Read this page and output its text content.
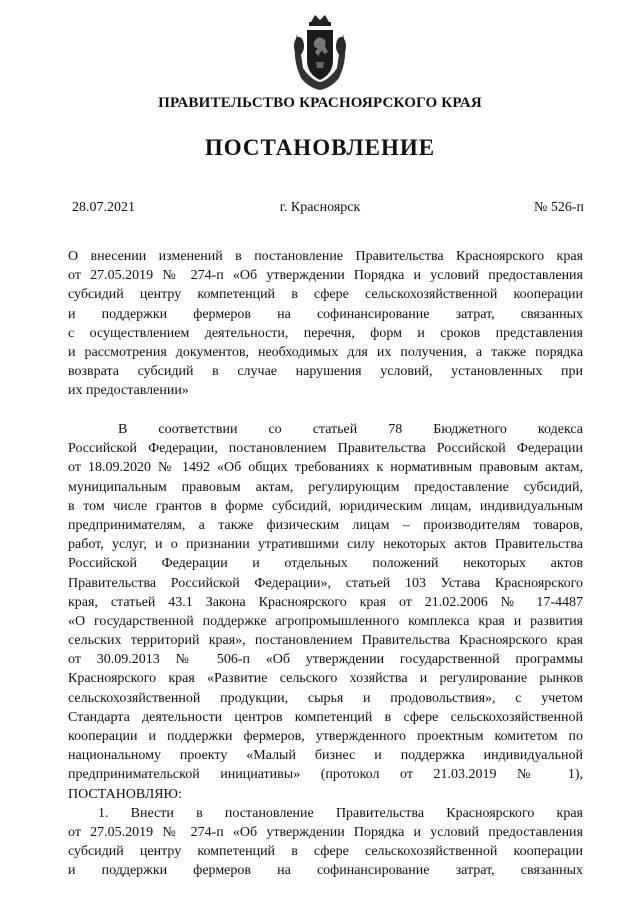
ПРАВИТЕЛЬСТВО КРАСНОЯРСКОГО КРАЯ
ПОСТАНОВЛЕНИЕ
28.07.2021	г. Красноярск	№ 526-п
О внесении изменений в постановление Правительства Красноярского края
от 27.05.2019 № 274-п «Об утверждении Порядка и условий предоставления
субсидий центру компетенций в сфере сельскохозяйственной кооперации
и поддержки фермеров на софинансирование затрат, связанных
с осуществлением деятельности, перечня, форм и сроков представления
и рассмотрения документов, необходимых для их получения, а также порядка
возврата субсидий в случае нарушения условий, установленных при
их предоставлении»
В соответствии со статьей 78 Бюджетного кодекса
Российской Федерации, постановлением Правительства Российской Федерации
от 18.09.2020 № 1492 «Об общих требованиях к нормативным правовым актам,
муниципальным правовым актам, регулирующим предоставление субсидий,
в том числе грантов в форме субсидий, юридическим лицам, индивидуальным
предпринимателям, а также физическим лицам – производителям товаров,
работ, услуг, и о признании утратившими силу некоторых актов Правительства
Российской Федерации и отдельных положений некоторых актов
Правительства Российской Федерации», статьей 103 Устава Красноярского
края, статьей 43.1 Закона Красноярского края от 21.02.2006 № 17-4487
«О государственной поддержке агропромышленного комплекса края и развития
сельских территорий края», постановлением Правительства Красноярского края
от 30.09.2013 № 506-п «Об утверждении государственной программы
Красноярского края «Развитие сельского хозяйства и регулирование рынков
сельскохозяйственной продукции, сырья и продовольствия», с учетом
Стандарта деятельности центров компетенций в сфере сельскохозяйственной
кооперации и поддержки фермеров, утвержденного проектным комитетом по
национальному проекту «Малый бизнес и поддержка индивидуальной
предпринимательской инициативы» (протокол от 21.03.2019 № 1),
ПОСТАНОВЛЯЮ:
1. Внести в постановление Правительства Красноярского края
от 27.05.2019 № 274-п «Об утверждении Порядка и условий предоставления
субсидий центру компетенций в сфере сельскохозяйственной кооперации
и поддержки фермеров на софинансирование затрат, связанных
